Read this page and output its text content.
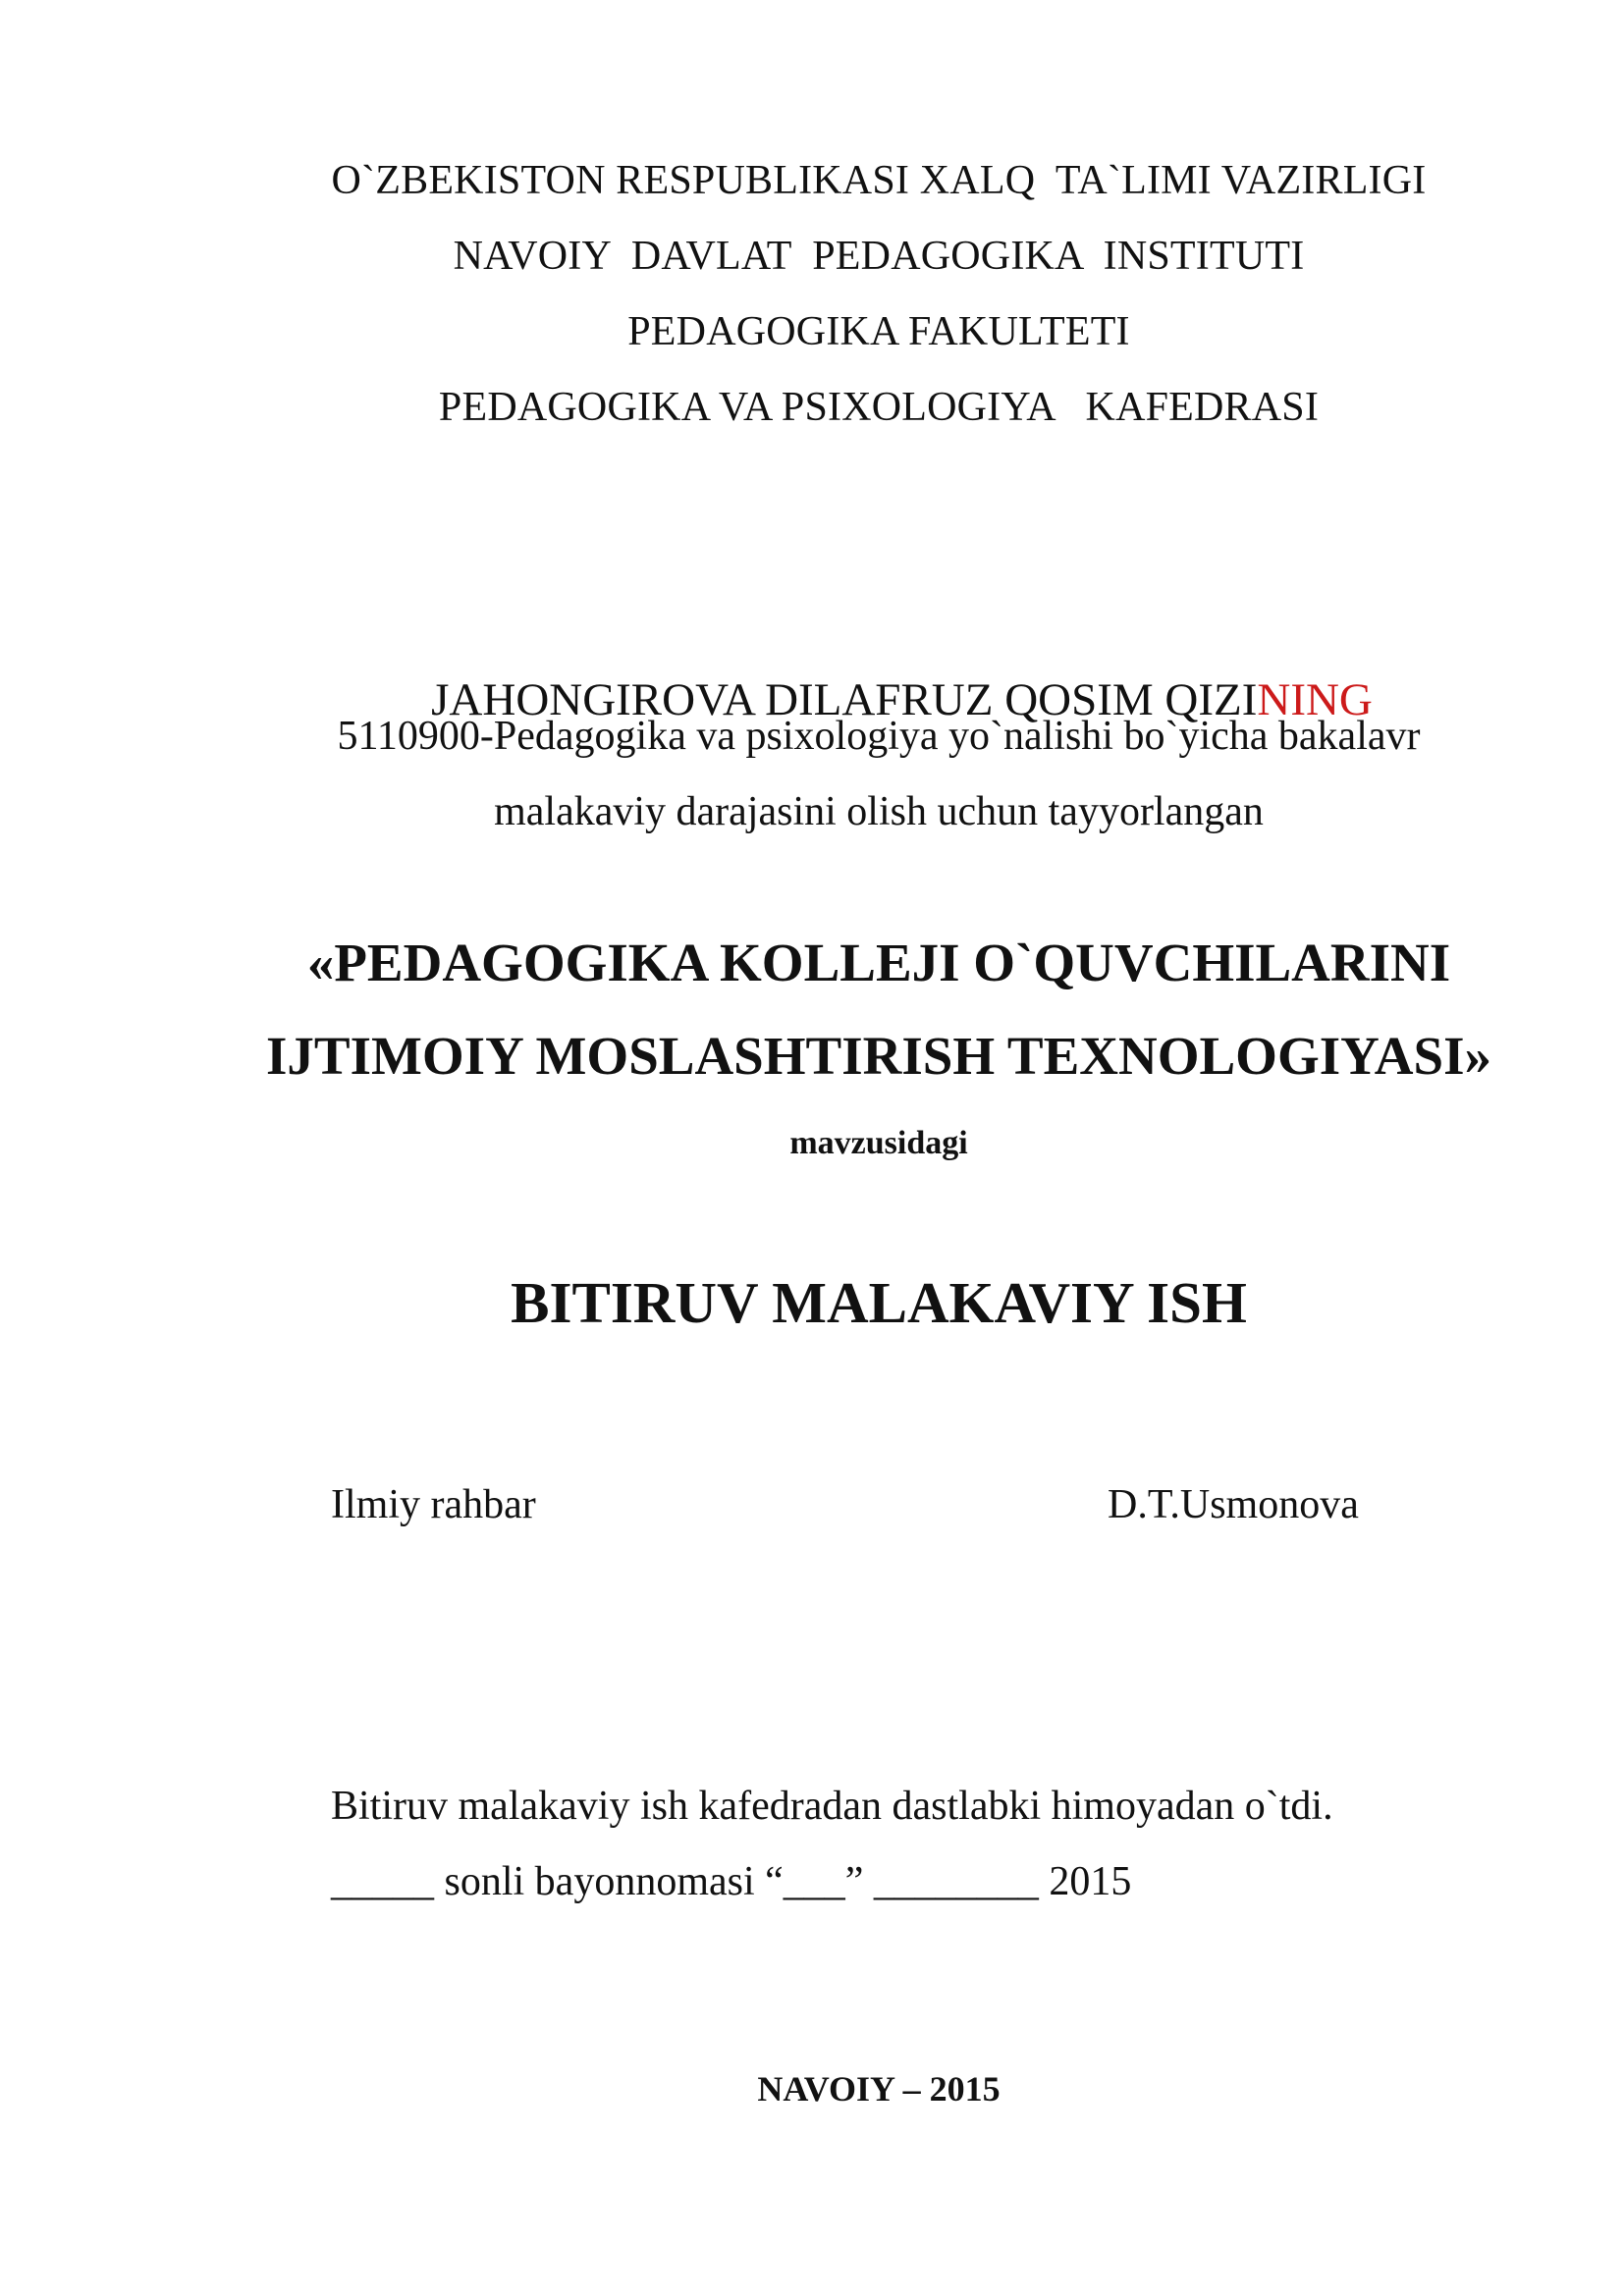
O`ZBEKISTON RESPUBLIKASI XALQ  TA`LIMI VAZIRLIGI
NAVOIY  DAVLAT  PEDAGOGIKA  INSTITUTI
PEDAGOGIKA FAKULTETI
PEDAGOGIKA VA PSIXOLOGIYA   KAFEDRASI

JAHONGIROVA DILAFRUZ QOSIM QIZINING

5110900-Pedagogika va psixologiya yo`nalishi bo`yicha bakalavr
malakaviy darajasini olish uchun tayyorlangan
«PEDAGOGIKA KOLLEJI O`QUVCHILARINI
IJTIMOIY MOSLASHTIRISH TEXNOLOGIYASI»
mavzusidagi
BITIRUV MALAKAVIY ISH
Ilmiy rahbar	D.T.Usmonova
Bitiruv malakaviy ish kafedradan dastlabki himoyadan o`tdi.
_____ sonli bayonnomasi “___” ________ 2015
NAVOIY – 2015
